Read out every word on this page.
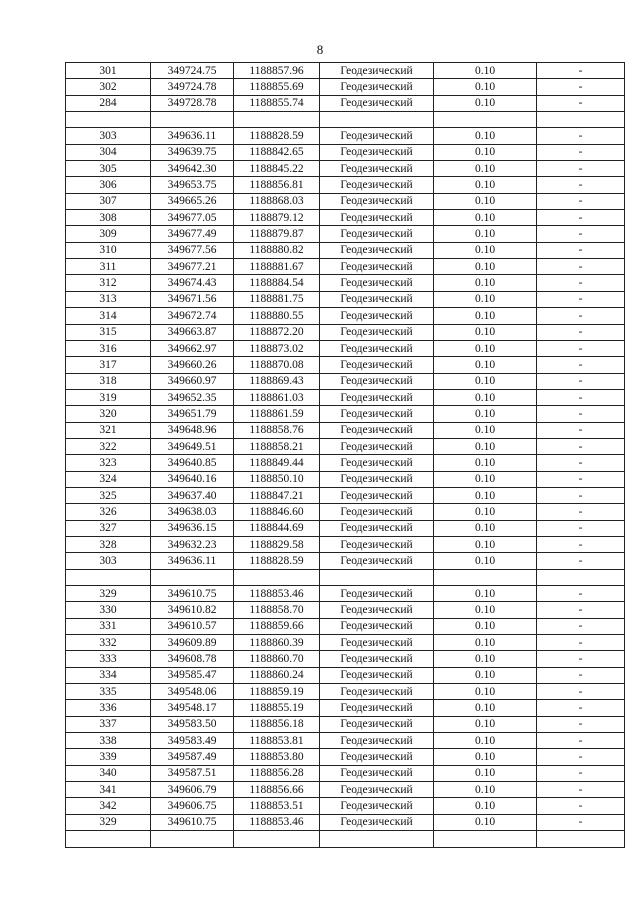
8
301	349724.75	1188857.96	Геодезический	0.10	-
302	349724.78	1188855.69	Геодезический	0.10	-
284	349728.78	1188855.74	Геодезический	0.10	-

303	349636.11	1188828.59	Геодезический	0.10	-
304	349639.75	1188842.65	Геодезический	0.10	-
305	349642.30	1188845.22	Геодезический	0.10	-
306	349653.75	1188856.81	Геодезический	0.10	-
307	349665.26	1188868.03	Геодезический	0.10	-
308	349677.05	1188879.12	Геодезический	0.10	-
309	349677.49	1188879.87	Геодезический	0.10	-
310	349677.56	1188880.82	Геодезический	0.10	-
311	349677.21	1188881.67	Геодезический	0.10	-
312	349674.43	1188884.54	Геодезический	0.10	-
313	349671.56	1188881.75	Геодезический	0.10	-
314	349672.74	1188880.55	Геодезический	0.10	-
315	349663.87	1188872.20	Геодезический	0.10	-
316	349662.97	1188873.02	Геодезический	0.10	-
317	349660.26	1188870.08	Геодезический	0.10	-
318	349660.97	1188869.43	Геодезический	0.10	-
319	349652.35	1188861.03	Геодезический	0.10	-
320	349651.79	1188861.59	Геодезический	0.10	-
321	349648.96	1188858.76	Геодезический	0.10	-
322	349649.51	1188858.21	Геодезический	0.10	-
323	349640.85	1188849.44	Геодезический	0.10	-
324	349640.16	1188850.10	Геодезический	0.10	-
325	349637.40	1188847.21	Геодезический	0.10	-
326	349638.03	1188846.60	Геодезический	0.10	-
327	349636.15	1188844.69	Геодезический	0.10	-
328	349632.23	1188829.58	Геодезический	0.10	-
303	349636.11	1188828.59	Геодезический	0.10	-

329	349610.75	1188853.46	Геодезический	0.10	-
330	349610.82	1188858.70	Геодезический	0.10	-
331	349610.57	1188859.66	Геодезический	0.10	-
332	349609.89	1188860.39	Геодезический	0.10	-
333	349608.78	1188860.70	Геодезический	0.10	-
334	349585.47	1188860.24	Геодезический	0.10	-
335	349548.06	1188859.19	Геодезический	0.10	-
336	349548.17	1188855.19	Геодезический	0.10	-
337	349583.50	1188856.18	Геодезический	0.10	-
338	349583.49	1188853.81	Геодезический	0.10	-
339	349587.49	1188853.80	Геодезический	0.10	-
340	349587.51	1188856.28	Геодезический	0.10	-
341	349606.79	1188856.66	Геодезический	0.10	-
342	349606.75	1188853.51	Геодезический	0.10	-
329	349610.75	1188853.46	Геодезический	0.10	-
